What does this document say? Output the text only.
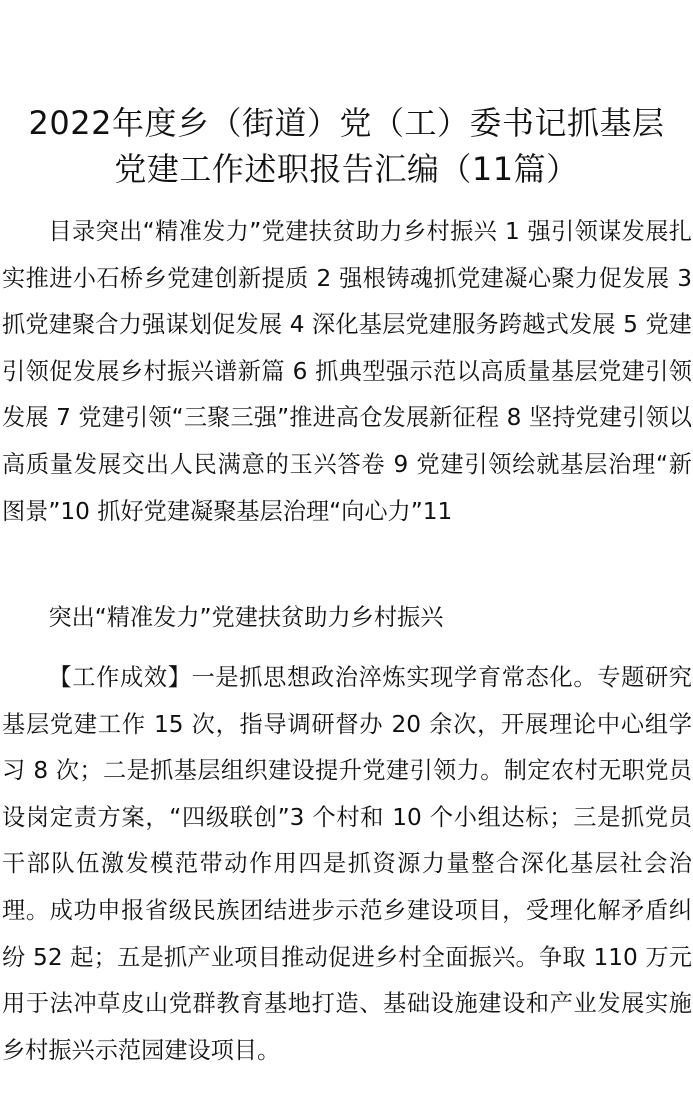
2022年度乡（街道）党（工）委书记抓基层
党建工作述职报告汇编（11篇）

目录突出“精准发力”党建扶贫助力乡村振兴 1 强引领谋发展扎实推进小石桥乡党建创新提质 2 强根铸魂抓党建凝心聚力促发展 3 抓党建聚合力强谋划促发展 4 深化基层党建服务跨越式发展 5 党建引领促发展乡村振兴谱新篇 6 抓典型强示范以高质量基层党建引领发展 7 党建引领“三聚三强”推进高仓发展新征程 8 坚持党建引领以高质量发展交出人民满意的玉兴答卷 9 党建引领绘就基层治理“新图景”10 抓好党建凝聚基层治理“向心力”11

突出“精准发力”党建扶贫助力乡村振兴

【工作成效】一是抓思想政治淬炼实现学育常态化。专题研究基层党建工作 15 次，指导调研督办 20 余次，开展理论中心组学习 8 次；二是抓基层组织建设提升党建引领力。制定农村无职党员设岗定责方案，“四级联创”3 个村和 10 个小组达标；三是抓党员干部队伍激发模范带动作用四是抓资源力量整合深化基层社会治理。成功申报省级民族团结进步示范乡建设项目，受理化解矛盾纠纷 52 起；五是抓产业项目推动促进乡村全面振兴。争取 110 万元用于法冲草皮山党群教育基地打造、基础设施建设和产业发展实施乡村振兴示范园建设项目。
